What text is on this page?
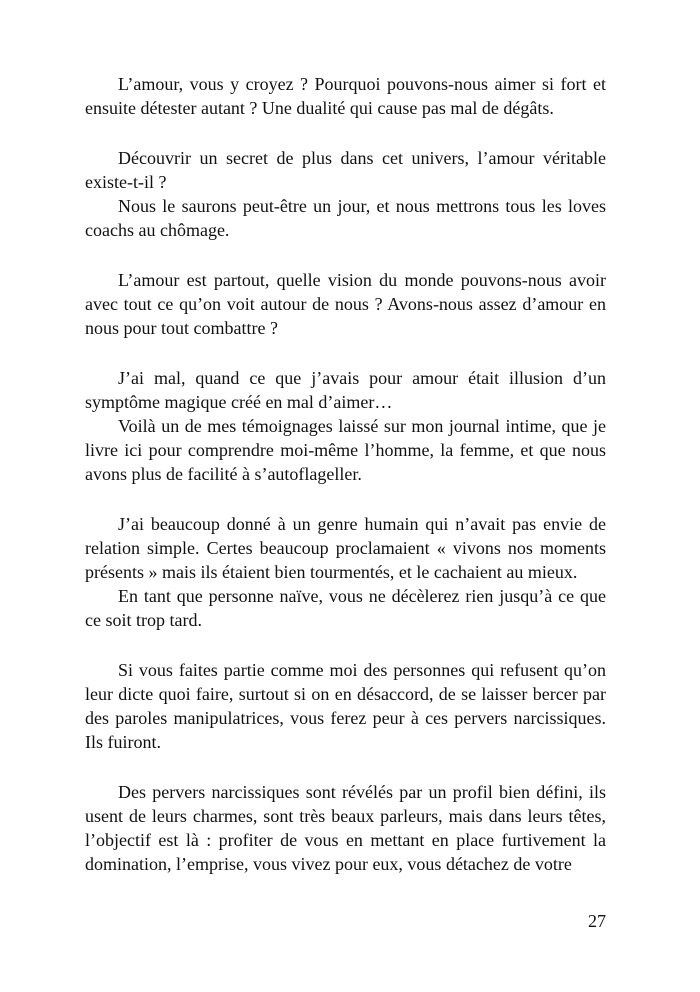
L’amour, vous y croyez ? Pourquoi pouvons-nous aimer si fort et ensuite détester autant ? Une dualité qui cause pas mal de dégâts.

Découvrir un secret de plus dans cet univers, l’amour véritable existe-t-il ?

Nous le saurons peut-être un jour, et nous mettrons tous les loves coachs au chômage.

L’amour est partout, quelle vision du monde pouvons-nous avoir avec tout ce qu’on voit autour de nous ? Avons-nous assez d’amour en nous pour tout combattre ?

J’ai mal, quand ce que j’avais pour amour était illusion d’un symptôme magique créé en mal d’aimer…

Voilà un de mes témoignages laissé sur mon journal intime, que je livre ici pour comprendre moi-même l’homme, la femme, et que nous avons plus de facilité à s’autoflageller.

J’ai beaucoup donné à un genre humain qui n’avait pas envie de relation simple. Certes beaucoup proclamaient « vivons nos moments présents » mais ils étaient bien tourmentés, et le cachaient au mieux.

En tant que personne naïve, vous ne décèlerez rien jusqu’à ce que ce soit trop tard.

Si vous faites partie comme moi des personnes qui refusent qu’on leur dicte quoi faire, surtout si on en désaccord, de se laisser bercer par des paroles manipulatrices, vous ferez peur à ces pervers narcissiques. Ils fuiront.

Des pervers narcissiques sont révélés par un profil bien défini, ils usent de leurs charmes, sont très beaux parleurs, mais dans leurs têtes, l’objectif est là : profiter de vous en mettant en place furtivement la domination, l’emprise, vous vivez pour eux, vous détachez de votre

27
